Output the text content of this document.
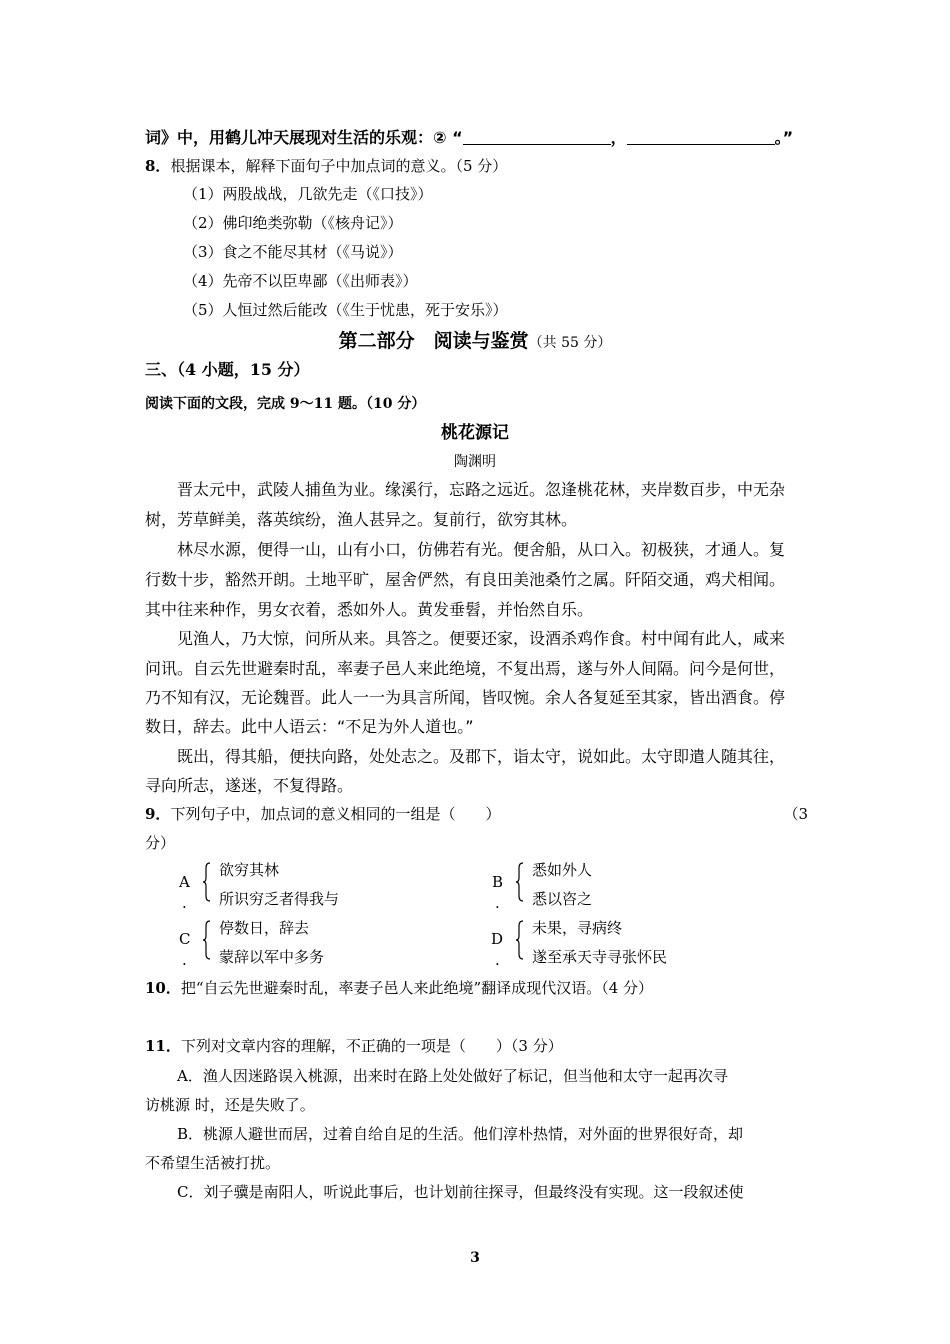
词》中，用鹤儿冲天展现对生活的乐观：② “	，	。”
8．根据课本，解释下面句子中加点词的意义。（5 分）
（1）两股战战，几欲先走（《口技》）
（2）佛印绝类弥勒（《核舟记》）
（3）食之不能尽其材（《马说》）
（4）先帝不以臣卑鄙（《出师表》）
（5）人恒过然后能改（《生于忧患，死于安乐》）
第二部分　阅读与鉴赏（共 55 分）
三、（4 小题，15 分）
阅读下面的文段，完成 9～11 题。（10 分）
桃花源记
陶渊明
晋太元中，武陵人捕鱼为业。缘溪行，忘路之远近。忽逢桃花林，夹岸数百步，中无杂
树，芳草鲜美，落英缤纷，渔人甚异之。复前行，欲穷其林。
林尽水源，便得一山，山有小口，仿佛若有光。便舍船，从口入。初极狭，才通人。复
行数十步，豁然开朗。土地平旷，屋舍俨然，有良田美池桑竹之属。阡陌交通，鸡犬相闻。
其中往来种作，男女衣着，悉如外人。黄发垂髫，并怡然自乐。
见渔人，乃大惊，问所从来。具答之。便要还家，设酒杀鸡作食。村中闻有此人，咸来
问讯。自云先世避秦时乱，率妻子邑人来此绝境，不复出焉，遂与外人间隔。问今是何世，
乃不知有汉，无论魏晋。此人一一为具言所闻，皆叹惋。余人各复延至其家，皆出酒食。停
数日，辞去。此中人语云：“不足为外人道也。”
既出，得其船，便扶向路，处处志之。及郡下，诣太守，说如此。太守即遣人随其往，
寻向所志，遂迷，不复得路。
9．下列句子中，加点词的意义相同的一组是（　　）	（3
分）
A
.
欲穷其林
所识穷乏者得我与
B
.
悉如外人
悉以咨之
C
.
停数日，辞去
蒙辞以军中多务
D
.
未果，寻病终
遂至承天寺寻张怀民
10．把“自云先世避秦时乱，率妻子邑人来此绝境”翻译成现代汉语。（4 分）
11．下列对文章内容的理解，不正确的一项是（　　）（3 分）
A．渔人因迷路误入桃源，出来时在路上处处做好了标记，但当他和太守一起再次寻
访桃源 时，还是失败了。
B．桃源人避世而居，过着自给自足的生活。他们淳朴热情，对外面的世界很好奇，却
不希望生活被打扰。
C．刘子骥是南阳人，听说此事后，也计划前往探寻，但最终没有实现。这一段叙述使
3
